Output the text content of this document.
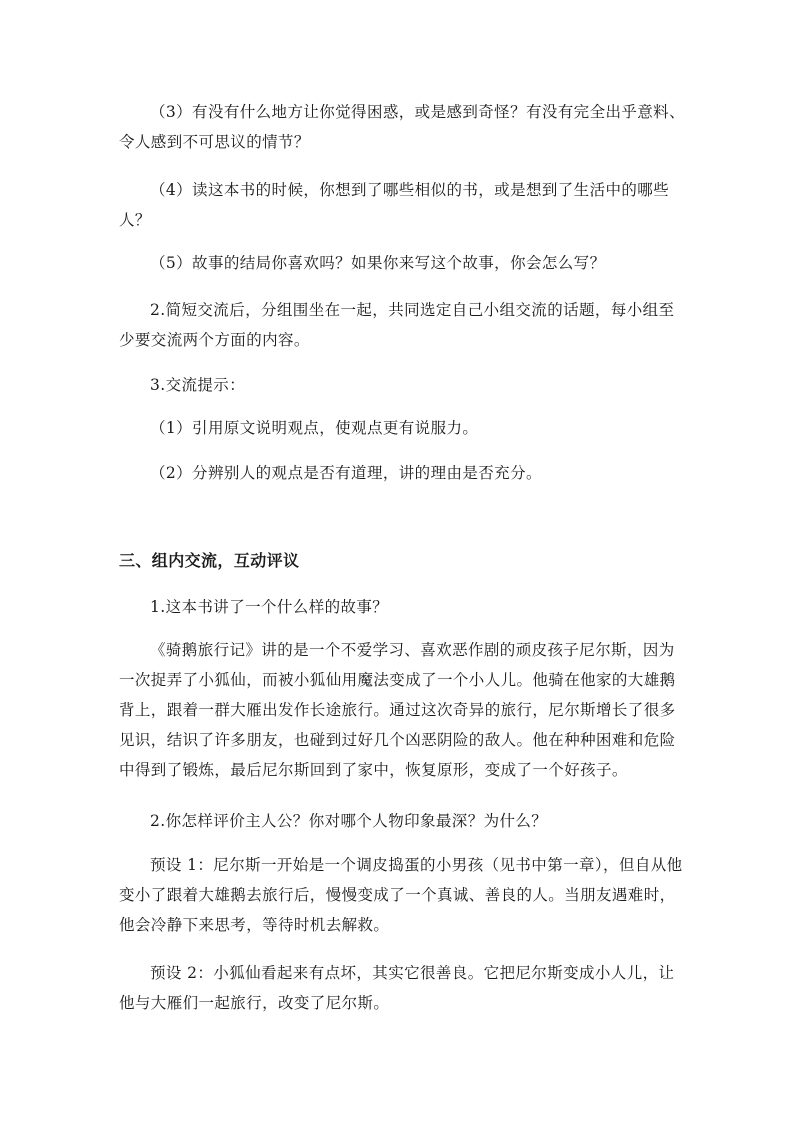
（3）有没有什么地方让你觉得困惑，或是感到奇怪？有没有完全出乎意料、令人感到不可思议的情节？

（4）读这本书的时候，你想到了哪些相似的书，或是想到了生活中的哪些人？

（5）故事的结局你喜欢吗？如果你来写这个故事，你会怎么写？

2.简短交流后，分组围坐在一起，共同选定自己小组交流的话题，每小组至少要交流两个方面的内容。

3.交流提示：

（1）引用原文说明观点，使观点更有说服力。

（2）分辨别人的观点是否有道理，讲的理由是否充分。

三、组内交流，互动评议

1.这本书讲了一个什么样的故事？

《骑鹅旅行记》讲的是一个不爱学习、喜欢恶作剧的顽皮孩子尼尔斯，因为一次捉弄了小狐仙，而被小狐仙用魔法变成了一个小人儿。他骑在他家的大雄鹅背上，跟着一群大雁出发作长途旅行。通过这次奇异的旅行，尼尔斯增长了很多见识，结识了许多朋友，也碰到过好几个凶恶阴险的敌人。他在种种困难和危险中得到了锻炼，最后尼尔斯回到了家中，恢复原形，变成了一个好孩子。

2.你怎样评价主人公？你对哪个人物印象最深？为什么？

预设 1：尼尔斯一开始是一个调皮捣蛋的小男孩（见书中第一章），但自从他变小了跟着大雄鹅去旅行后，慢慢变成了一个真诚、善良的人。当朋友遇难时，他会冷静下来思考，等待时机去解救。

预设 2：小狐仙看起来有点坏，其实它很善良。它把尼尔斯变成小人儿，让他与大雁们一起旅行，改变了尼尔斯。
